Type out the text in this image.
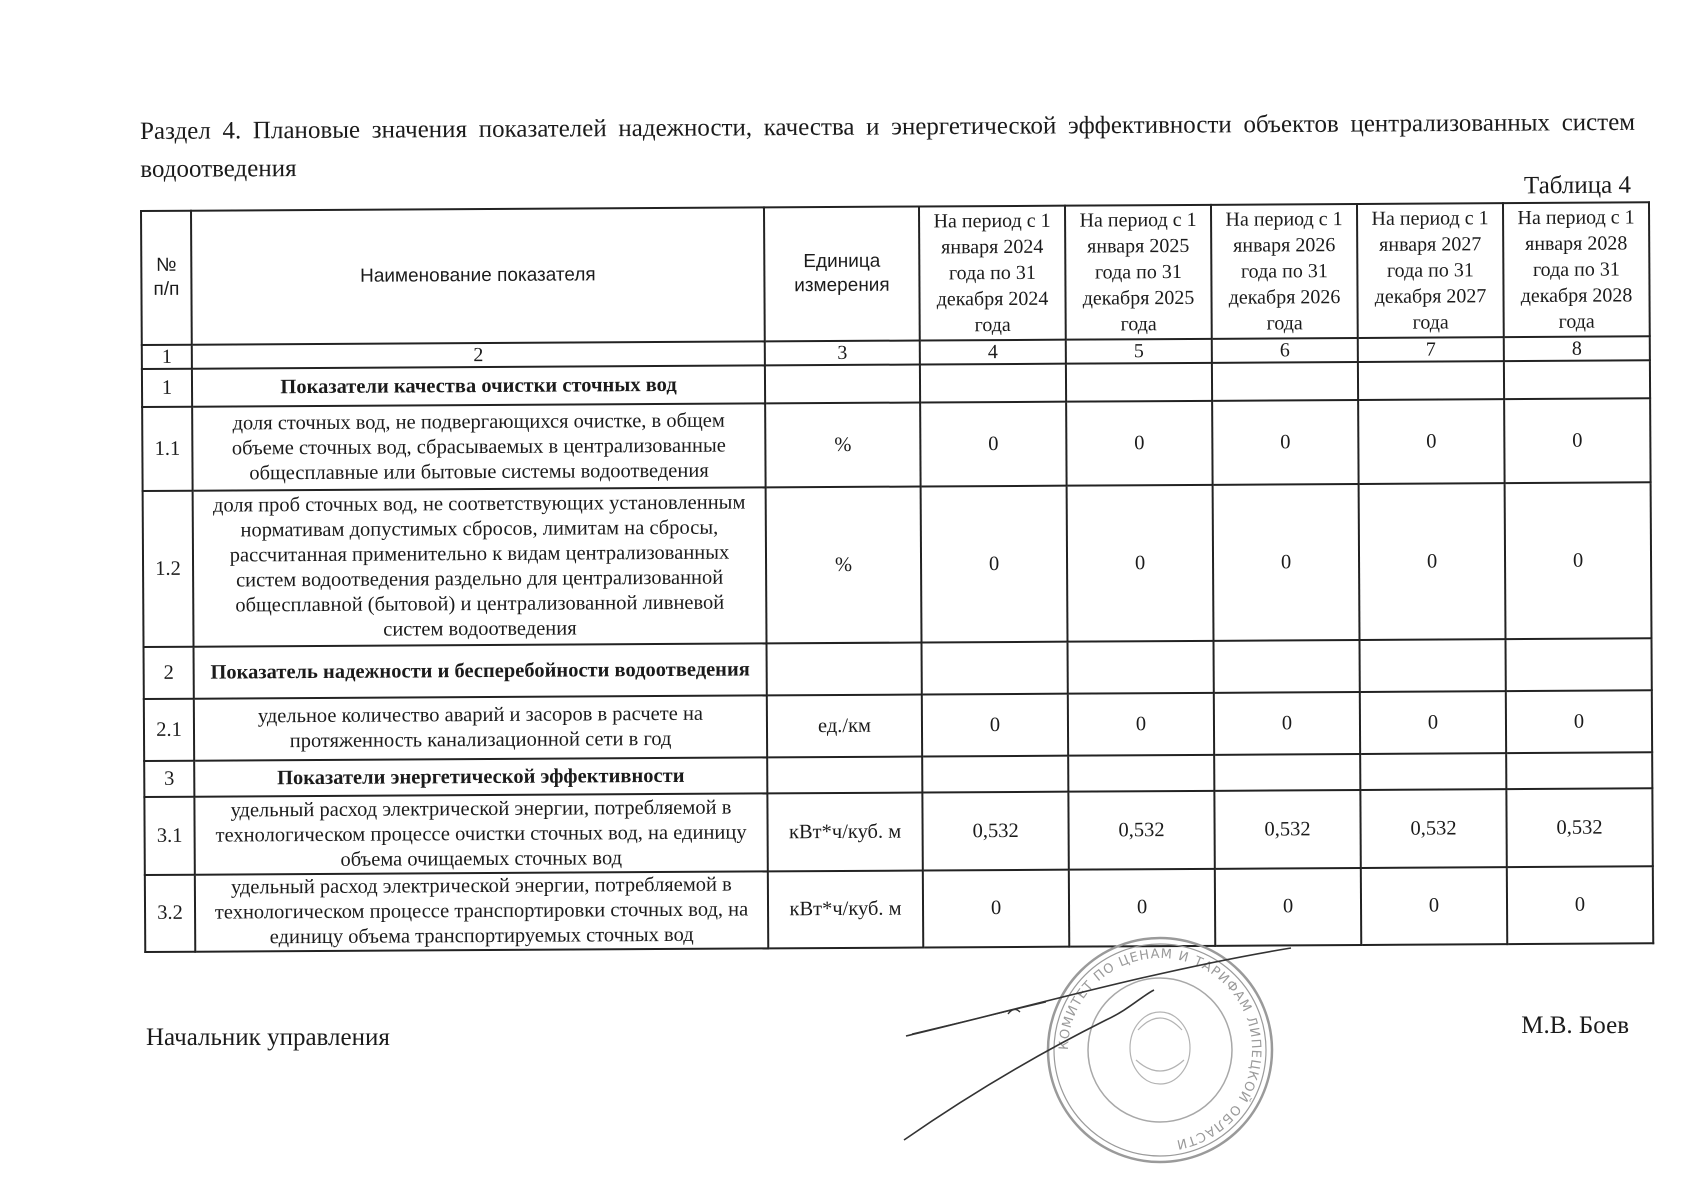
Раздел 4. Плановые значения показателей надежности, качества и энергетической эффективности объектов централизованных систем водоотведения
Таблица 4
№ п/п	Наименование показателя	Единица измерения	На период с 1 января 2024 года по 31 декабря 2024 года	На период с 1 января 2025 года по 31 декабря 2025 года	На период с 1 января 2026 года по 31 декабря 2026 года	На период с 1 января 2027 года по 31 декабря 2027 года	На период с 1 января 2028 года по 31 декабря 2028 года
1	2	3	4	5	6	7	8
1	Показатели качества очистки сточных вод						
1.1	доля сточных вод, не подвергающихся очистке, в общем объеме сточных вод, сбрасываемых в централизованные общесплавные или бытовые системы водоотведения	%	0	0	0	0	0
1.2	доля проб сточных вод, не соответствующих установленным нормативам допустимых сбросов, лимитам на сбросы, рассчитанная применительно к видам централизованных систем водоотведения раздельно для централизованной общесплавной (бытовой) и централизованной ливневой систем водоотведения	%	0	0	0	0	0
2	Показатель надежности и бесперебойности водоотведения						
2.1	удельное количество аварий и засоров в расчете на протяженность канализационной сети в год	ед./км	0	0	0	0	0
3	Показатели энергетической эффективности						
3.1	удельный расход электрической энергии, потребляемой в технологическом процессе очистки сточных вод, на единицу объема очищаемых сточных вод	кВт*ч/куб. м	0,532	0,532	0,532	0,532	0,532
3.2	удельный расход электрической энергии, потребляемой в технологическом процессе транспортировки сточных вод, на единицу объема транспортируемых сточных вод	кВт*ч/куб. м	0	0	0	0	0
Начальник управления	М.В. Боев
КОМИТЕТ ПО ЦЕНАМ И ТАРИФАМ ЛИПЕЦКОЙ ОБЛАСТИ
